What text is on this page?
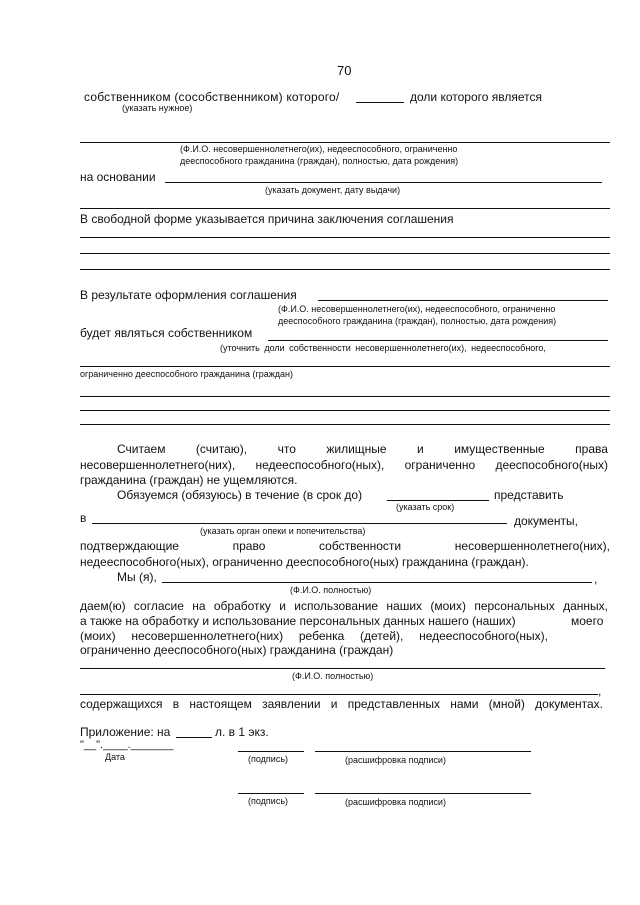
70
собственником (сособственником) которого/	доли которого является
(указать нужное)
(Ф.И.О. несовершеннолетнего(их), недееспособного, ограниченно
дееспособного гражданина (граждан), полностью, дата рождения)
на основании
(указать документ, дату выдачи)
В свободной форме указывается причина заключения соглашения
В результате оформления соглашения
(Ф.И.О. несовершеннолетнего(их), недееспособного, ограниченно
дееспособного гражданина (граждан), полностью, дата рождения)
будет являться собственником
(уточнить доли собственности несовершеннолетнего(их), недееспособного,
ограниченно дееспособного гражданина (граждан)
Считаем	(считаю),	что	жилищные	и	имущественные	права
несовершеннолетнего(них), недееспособного(ных), ограниченно дееспособного(ных)
гражданина (граждан) не ущемляются.
Обязуемся (обязуюсь) в течение (в срок до)	представить
(указать срок)
в	документы,
(указать орган опеки и попечительства)
подтверждающие	право	собственности	несовершеннолетнего(них),
недееспособного(ных), ограниченно дееспособного(ных) гражданина (граждан).
Мы (я),	,
(Ф.И.О. полностью)
даем(ю) согласие на обработку и использование наших (моих) персональных данных,
а также на обработку и использование персональных данных нашего (наших)	моего
(моих) несовершеннолетнего(них) ребенка (детей), недееспособного(ных),
ограниченно дееспособного(ных) гражданина (граждан)
(Ф.И.О. полностью)
,
содержащихся в настоящем заявлении и представленных нами (мной) документах.
Приложение: на	л. в 1 экз.
"__".____._______
Дата	(подпись)	(расшифровка подписи)
(подпись)	(расшифровка подписи)
